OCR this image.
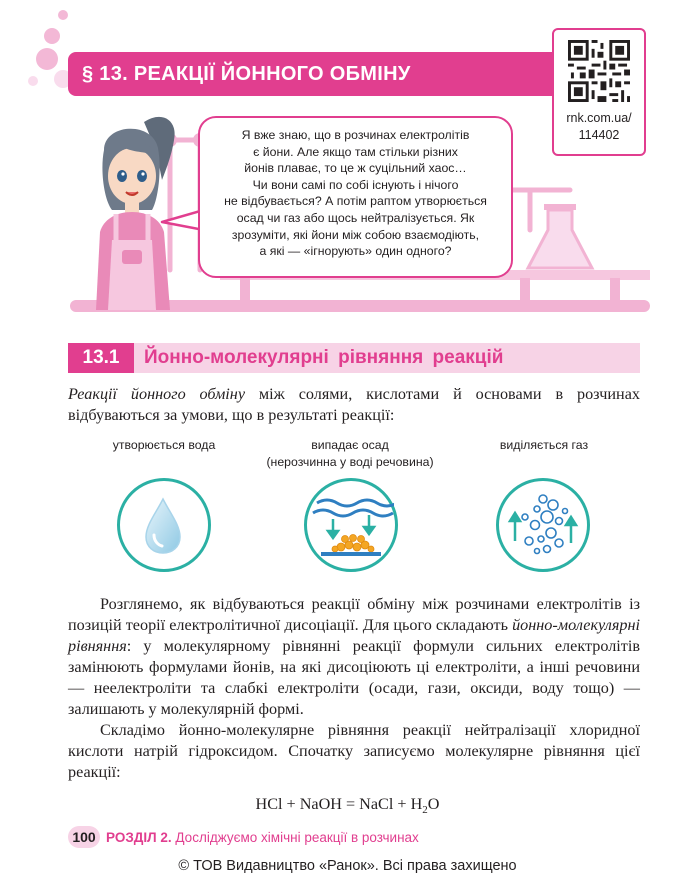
§ 13. РЕАКЦІЇ ЙОННОГО ОБМІНУ
rnk.com.ua/
114402
Я вже знаю, що в розчинах електролітів
є йони. Але якщо там стільки різних
йонів плаває, то це ж суцільний хаос…
Чи вони самі по собі існують і нічого
не відбувається? А потім раптом утворюється
осад чи газ або щось нейтралізується. Як
зрозуміти, які йони між собою взаємодіють,
а які — «ігнорують» один одного?
13.1	Йонно-молекулярні рівняння реакцій
Реакції йонного обміну між солями, кислотами й основами в розчинах відбуваються за умови, що в результаті реакції:
утворюється вода	випадає осад
(нерозчинна у воді речовина)
виділяється газ
Розглянемо, як відбуваються реакції обміну між розчинами електролітів із позицій теорії електролітичної дисоціації. Для цього складають йонно-молекулярні рівняння: у молекулярному рівнянні реакції формули сильних електролітів замінюють формулами йонів, на які дисоціюють ці електроліти, а інші речовини — неелектроліти та слабкі електроліти (осади, гази, оксиди, воду тощо) — залишають у молекулярній формі.
Складімо йонно-молекулярне рівняння реакції нейтралізації хлоридної кислоти натрій гідроксидом. Спочатку записуємо молекулярне рівняння цієї реакції:
HCl + NaOH = NaCl + $H_2O$
100 РОЗДІЛ 2. Досліджуємо хімічні реакції в розчинах
© ТОВ Видавництво «Ранок». Всі права захищено
